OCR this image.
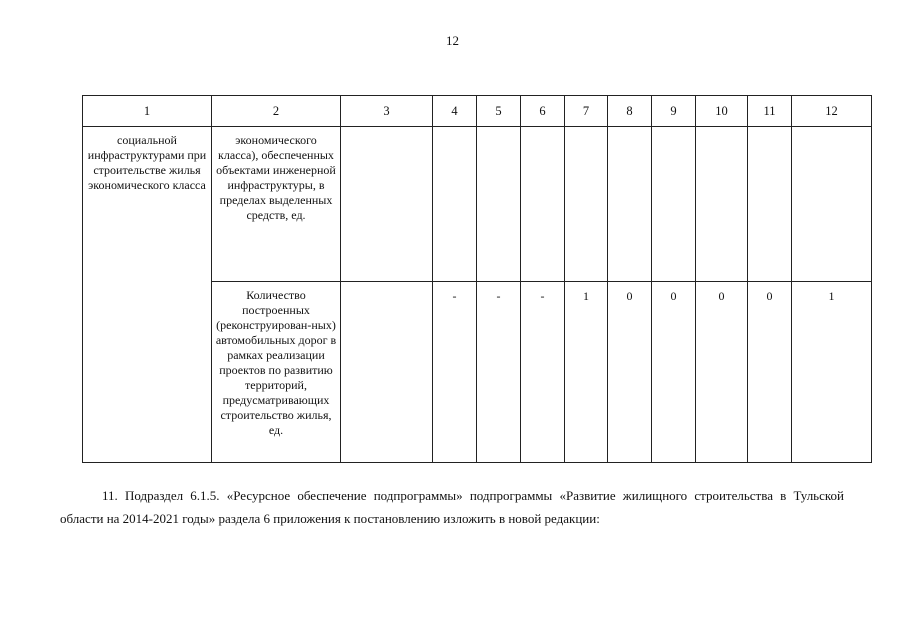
12
1	2	3	4	5	6	7	8	9	10	11	12
социальной инфраструктурами при строительстве жилья экономического класса	экономического класса), обеспеченных объектами инженерной инфраструктуры, в пределах выделенных средств, ед.										
	Количество построенных (реконструирован-ных) автомобильных дорог в рамках реализации проектов по развитию территорий, предусматривающих строительство жилья, ед.		-	-	-	1	0	0	0	0	1

11. Подраздел 6.1.5. «Ресурсное обеспечение подпрограммы» подпрограммы «Развитие жилищного строительства в Тульской области на 2014-2021 годы» раздела 6 приложения к постановлению изложить в новой редакции:
